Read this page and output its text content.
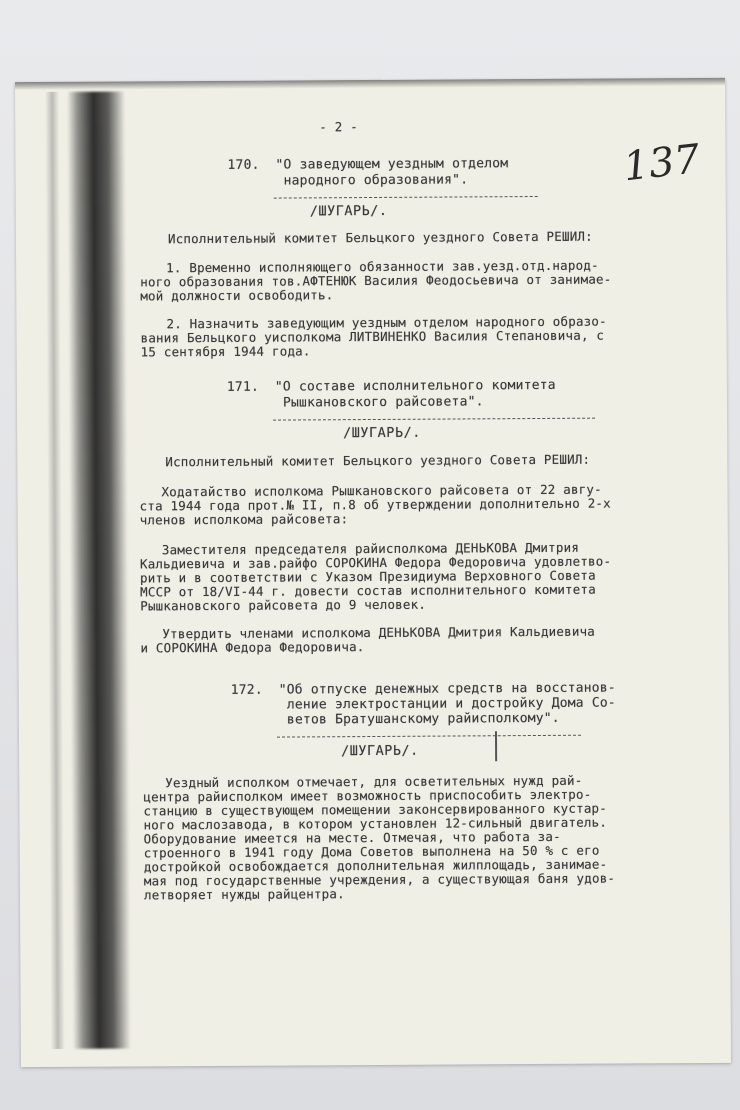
- 2 -
137
170. "О заведующем уездным отделом
народного образования".
/ШУГАРЬ/.
Исполнительный комитет Бельцкого уездного Совета РЕШИЛ:
1. Временно исполняющего обязанности зав.уезд.отд.народ-
ного образования тов.АФТЕНЮК Василия Феодосьевича от занимае-
мой должности освободить.
2. Назначить заведующим уездным отделом народного образо-
вания Бельцкого уисполкома ЛИТВИНЕНКО Василия Степановича, с
15 сентября 1944 года.
171. "О составе исполнительного комитета
Рышкановского райсовета".
/ШУГАРЬ/.
Исполнительный комитет Бельцкого уездного Совета РЕШИЛ:
Ходатайство исполкома Рышкановского райсовета от 22 авгу-
ста 1944 года прот.№ II, п.8 об утверждении дополнительно 2-х
членов исполкома райсовета:
Заместителя председателя райисполкома ДЕНЬКОВА Дмитрия
Кальдиевича и зав.райфо СОРОКИНА Федора Федоровича удовлетво-
рить и в соответствии с Указом Президиума Верховного Совета
МССР от 18/VI-44 г. довести состав исполнительного комитета
Рышкановского райсовета до 9 человек.
Утвердить членами исполкома ДЕНЬКОВА Дмитрия Кальдиевича
и СОРОКИНА Федора Федоровича.
172. "Об отпуске денежных средств на восстанов-
ление электростанции и достройку Дома Со-
ветов Братушанскому райисполкому".
/ШУГАРЬ/.
Уездный исполком отмечает, для осветительных нужд рай-
центра райисполком имеет возможность приспособить электро-
станцию в существующем помещении законсервированного кустар-
ного маслозавода, в котором установлен 12-сильный двигатель.
Оборудование имеется на месте. Отмечая, что работа за-
строенного в 1941 году Дома Советов выполнена на 50 % с его
достройкой освобождается дополнительная жилплощадь, занимае-
мая под государственные учреждения, а существующая баня удов-
летворяет нужды райцентра.
